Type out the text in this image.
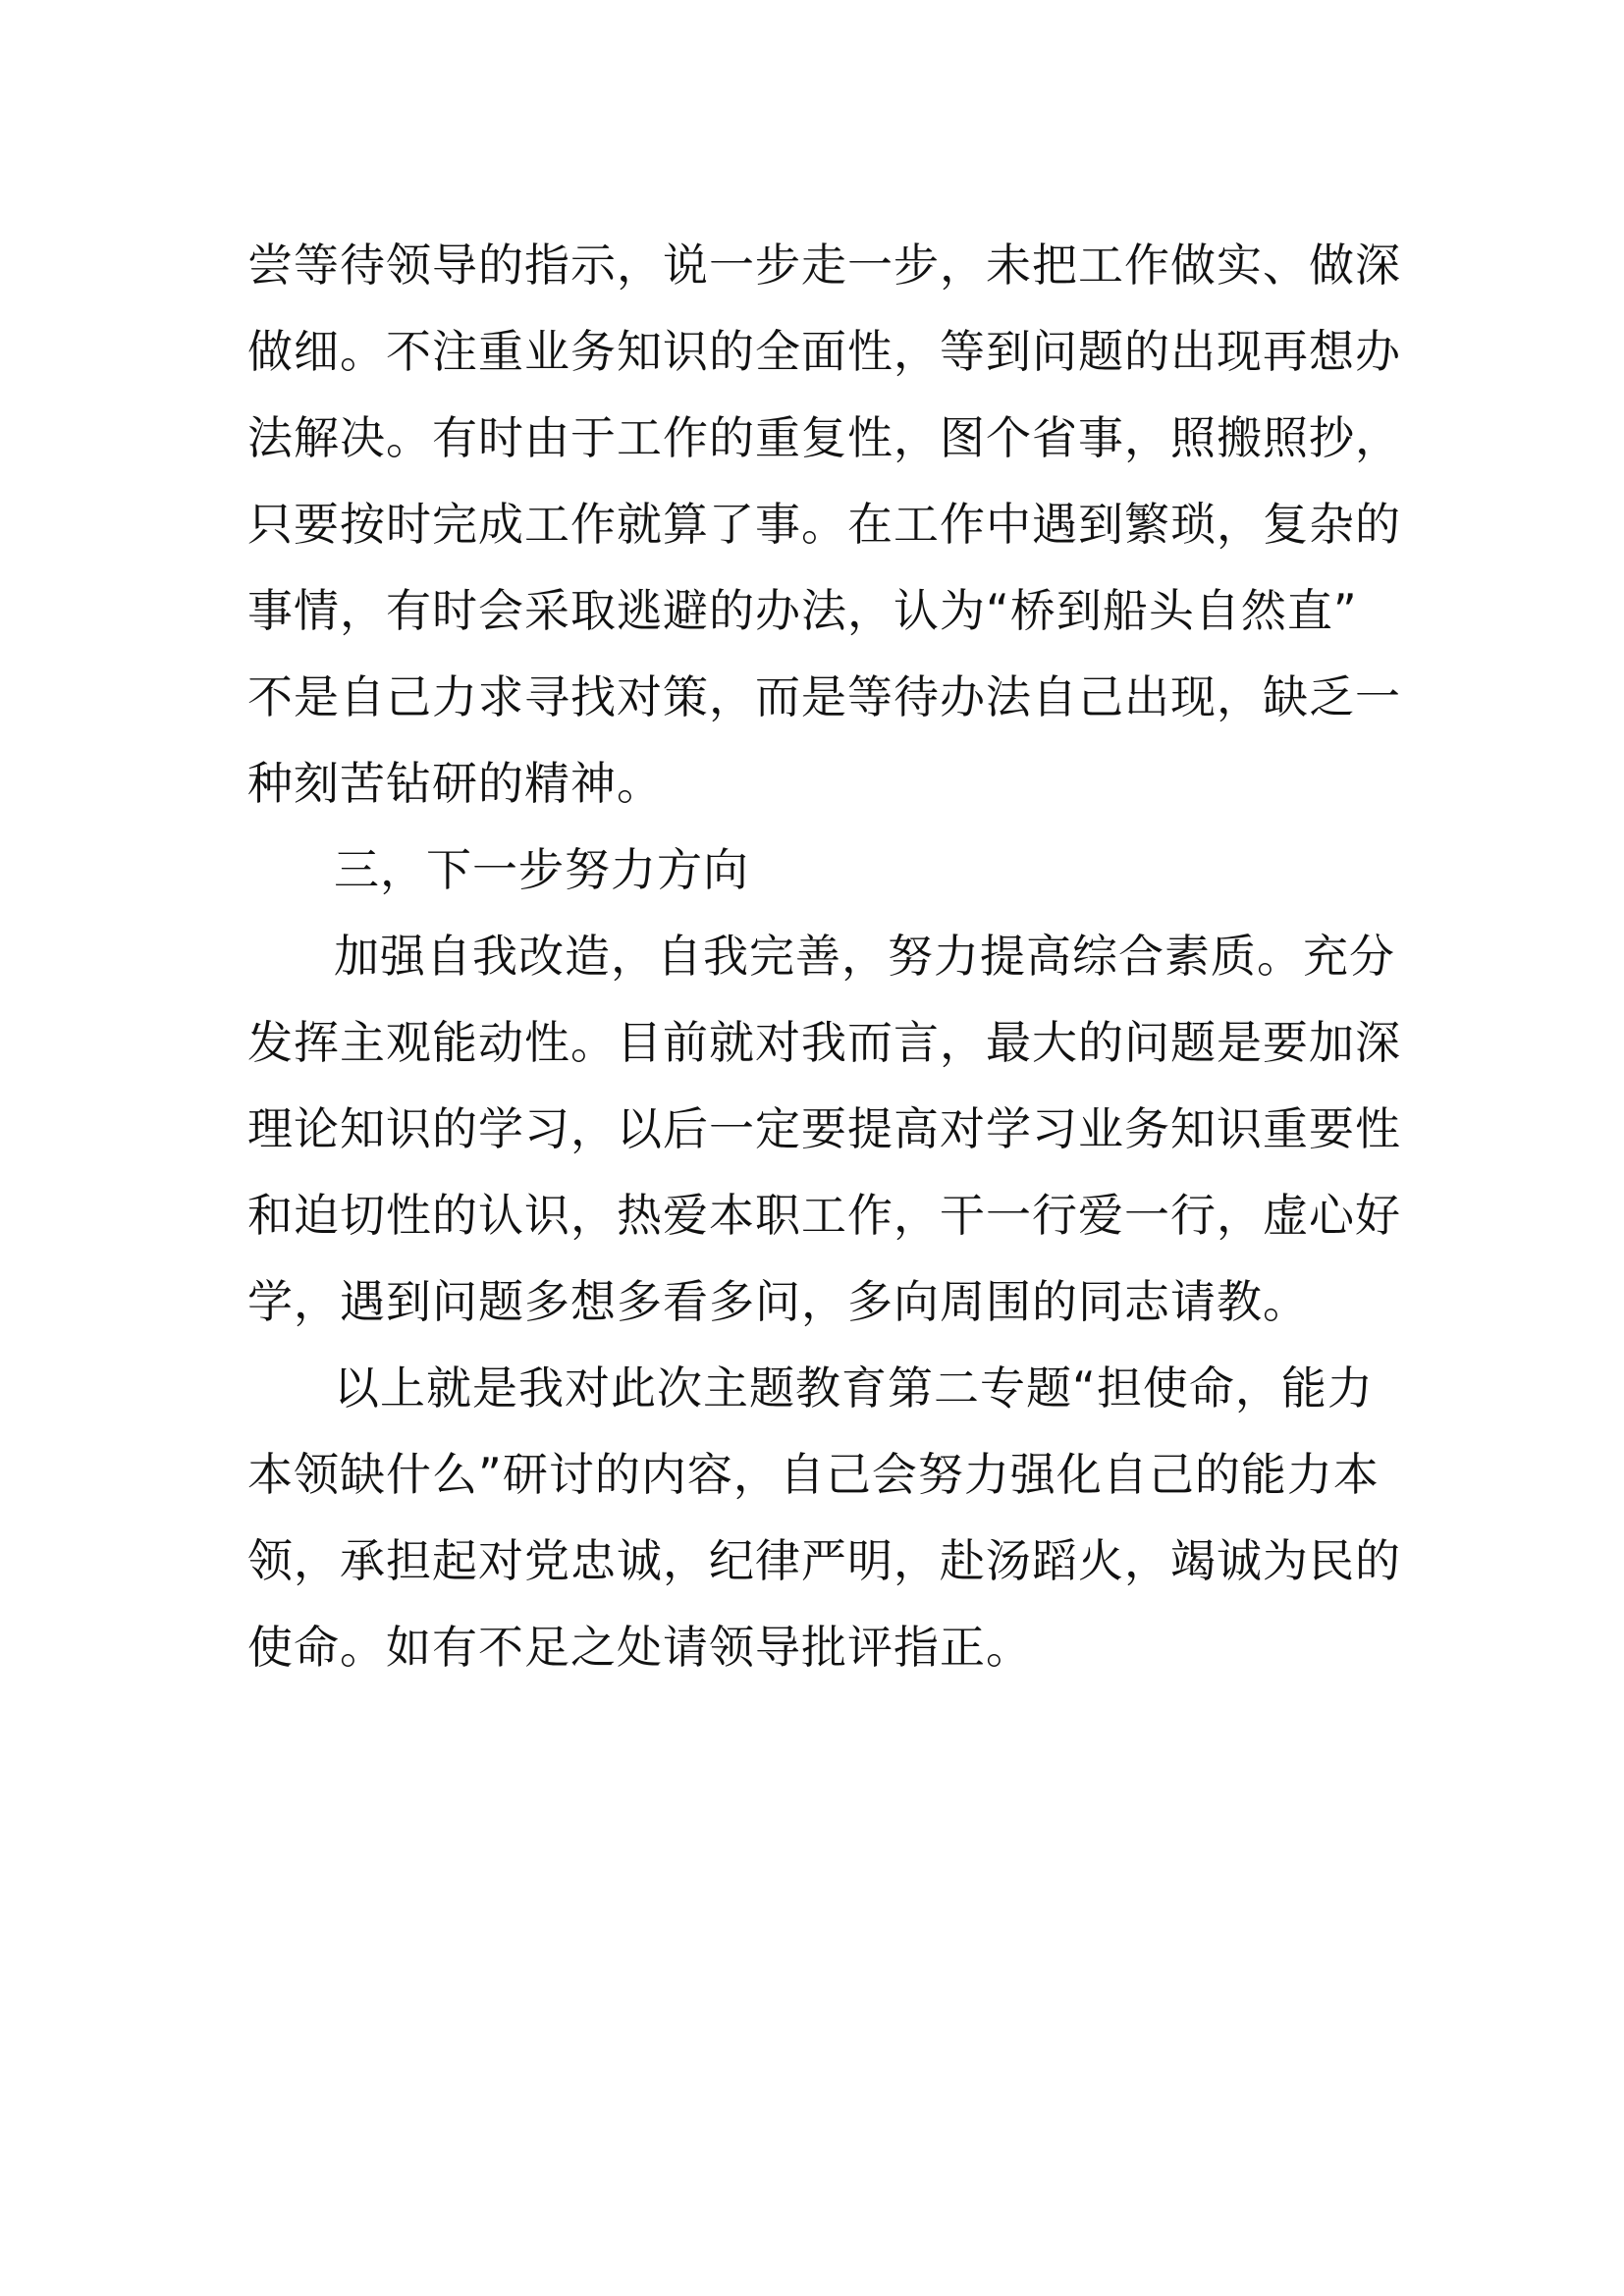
尝等待领导的指示，说一步走一步，未把工作做实、做深
做细。不注重业务知识的全面性，等到问题的出现再想办
法解决。有时由于工作的重复性，图个省事，照搬照抄，
只要按时完成工作就算了事。在工作中遇到繁琐，复杂的
事情，有时会采取逃避的办法，认为“桥到船头自然直”
不是自己力求寻找对策，而是等待办法自己出现，缺乏一
种刻苦钻研的精神。
三，下一步努力方向
加强自我改造，自我完善，努力提高综合素质。充分
发挥主观能动性。目前就对我而言，最大的问题是要加深
理论知识的学习，以后一定要提高对学习业务知识重要性
和迫切性的认识，热爱本职工作，干一行爱一行，虚心好
学，遇到问题多想多看多问，多向周围的同志请教。
以上就是我对此次主题教育第二专题“担使命，能力
本领缺什么”研讨的内容，自己会努力强化自己的能力本
领，承担起对党忠诚，纪律严明，赴汤蹈火，竭诚为民的
使命。如有不足之处请领导批评指正。
